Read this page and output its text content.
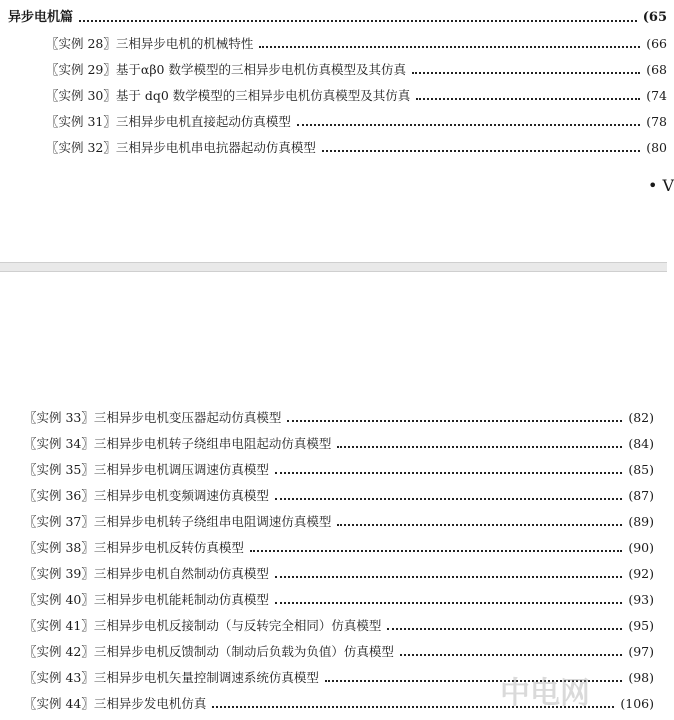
异步电机篇	(65
〖实例 28〗三相异步电机的机械特性	(66
〖实例 29〗基于αβ0 数学模型的三相异步电机仿真模型及其仿真	(68
〖实例 30〗基于 dq0 数学模型的三相异步电机仿真模型及其仿真	(74
〖实例 31〗三相异步电机直接起动仿真模型	(78
〖实例 32〗三相异步电机串电抗器起动仿真模型	(80
• V
〖实例 33〗三相异步电机变压器起动仿真模型	(82)
〖实例 34〗三相异步电机转子绕组串电阻起动仿真模型	(84)
〖实例 35〗三相异步电机调压调速仿真模型	(85)
〖实例 36〗三相异步电机变频调速仿真模型	(87)
〖实例 37〗三相异步电机转子绕组串电阻调速仿真模型	(89)
〖实例 38〗三相异步电机反转仿真模型	(90)
〖实例 39〗三相异步电机自然制动仿真模型	(92)
〖实例 40〗三相异步电机能耗制动仿真模型	(93)
〖实例 41〗三相异步电机反接制动（与反转完全相同）仿真模型	(95)
〖实例 42〗三相异步电机反馈制动（制动后负载为负值）仿真模型	(97)
〖实例 43〗三相异步电机矢量控制调速系统仿真模型	(98)
〖实例 44〗三相异步发电机仿真	(106)
中电网
